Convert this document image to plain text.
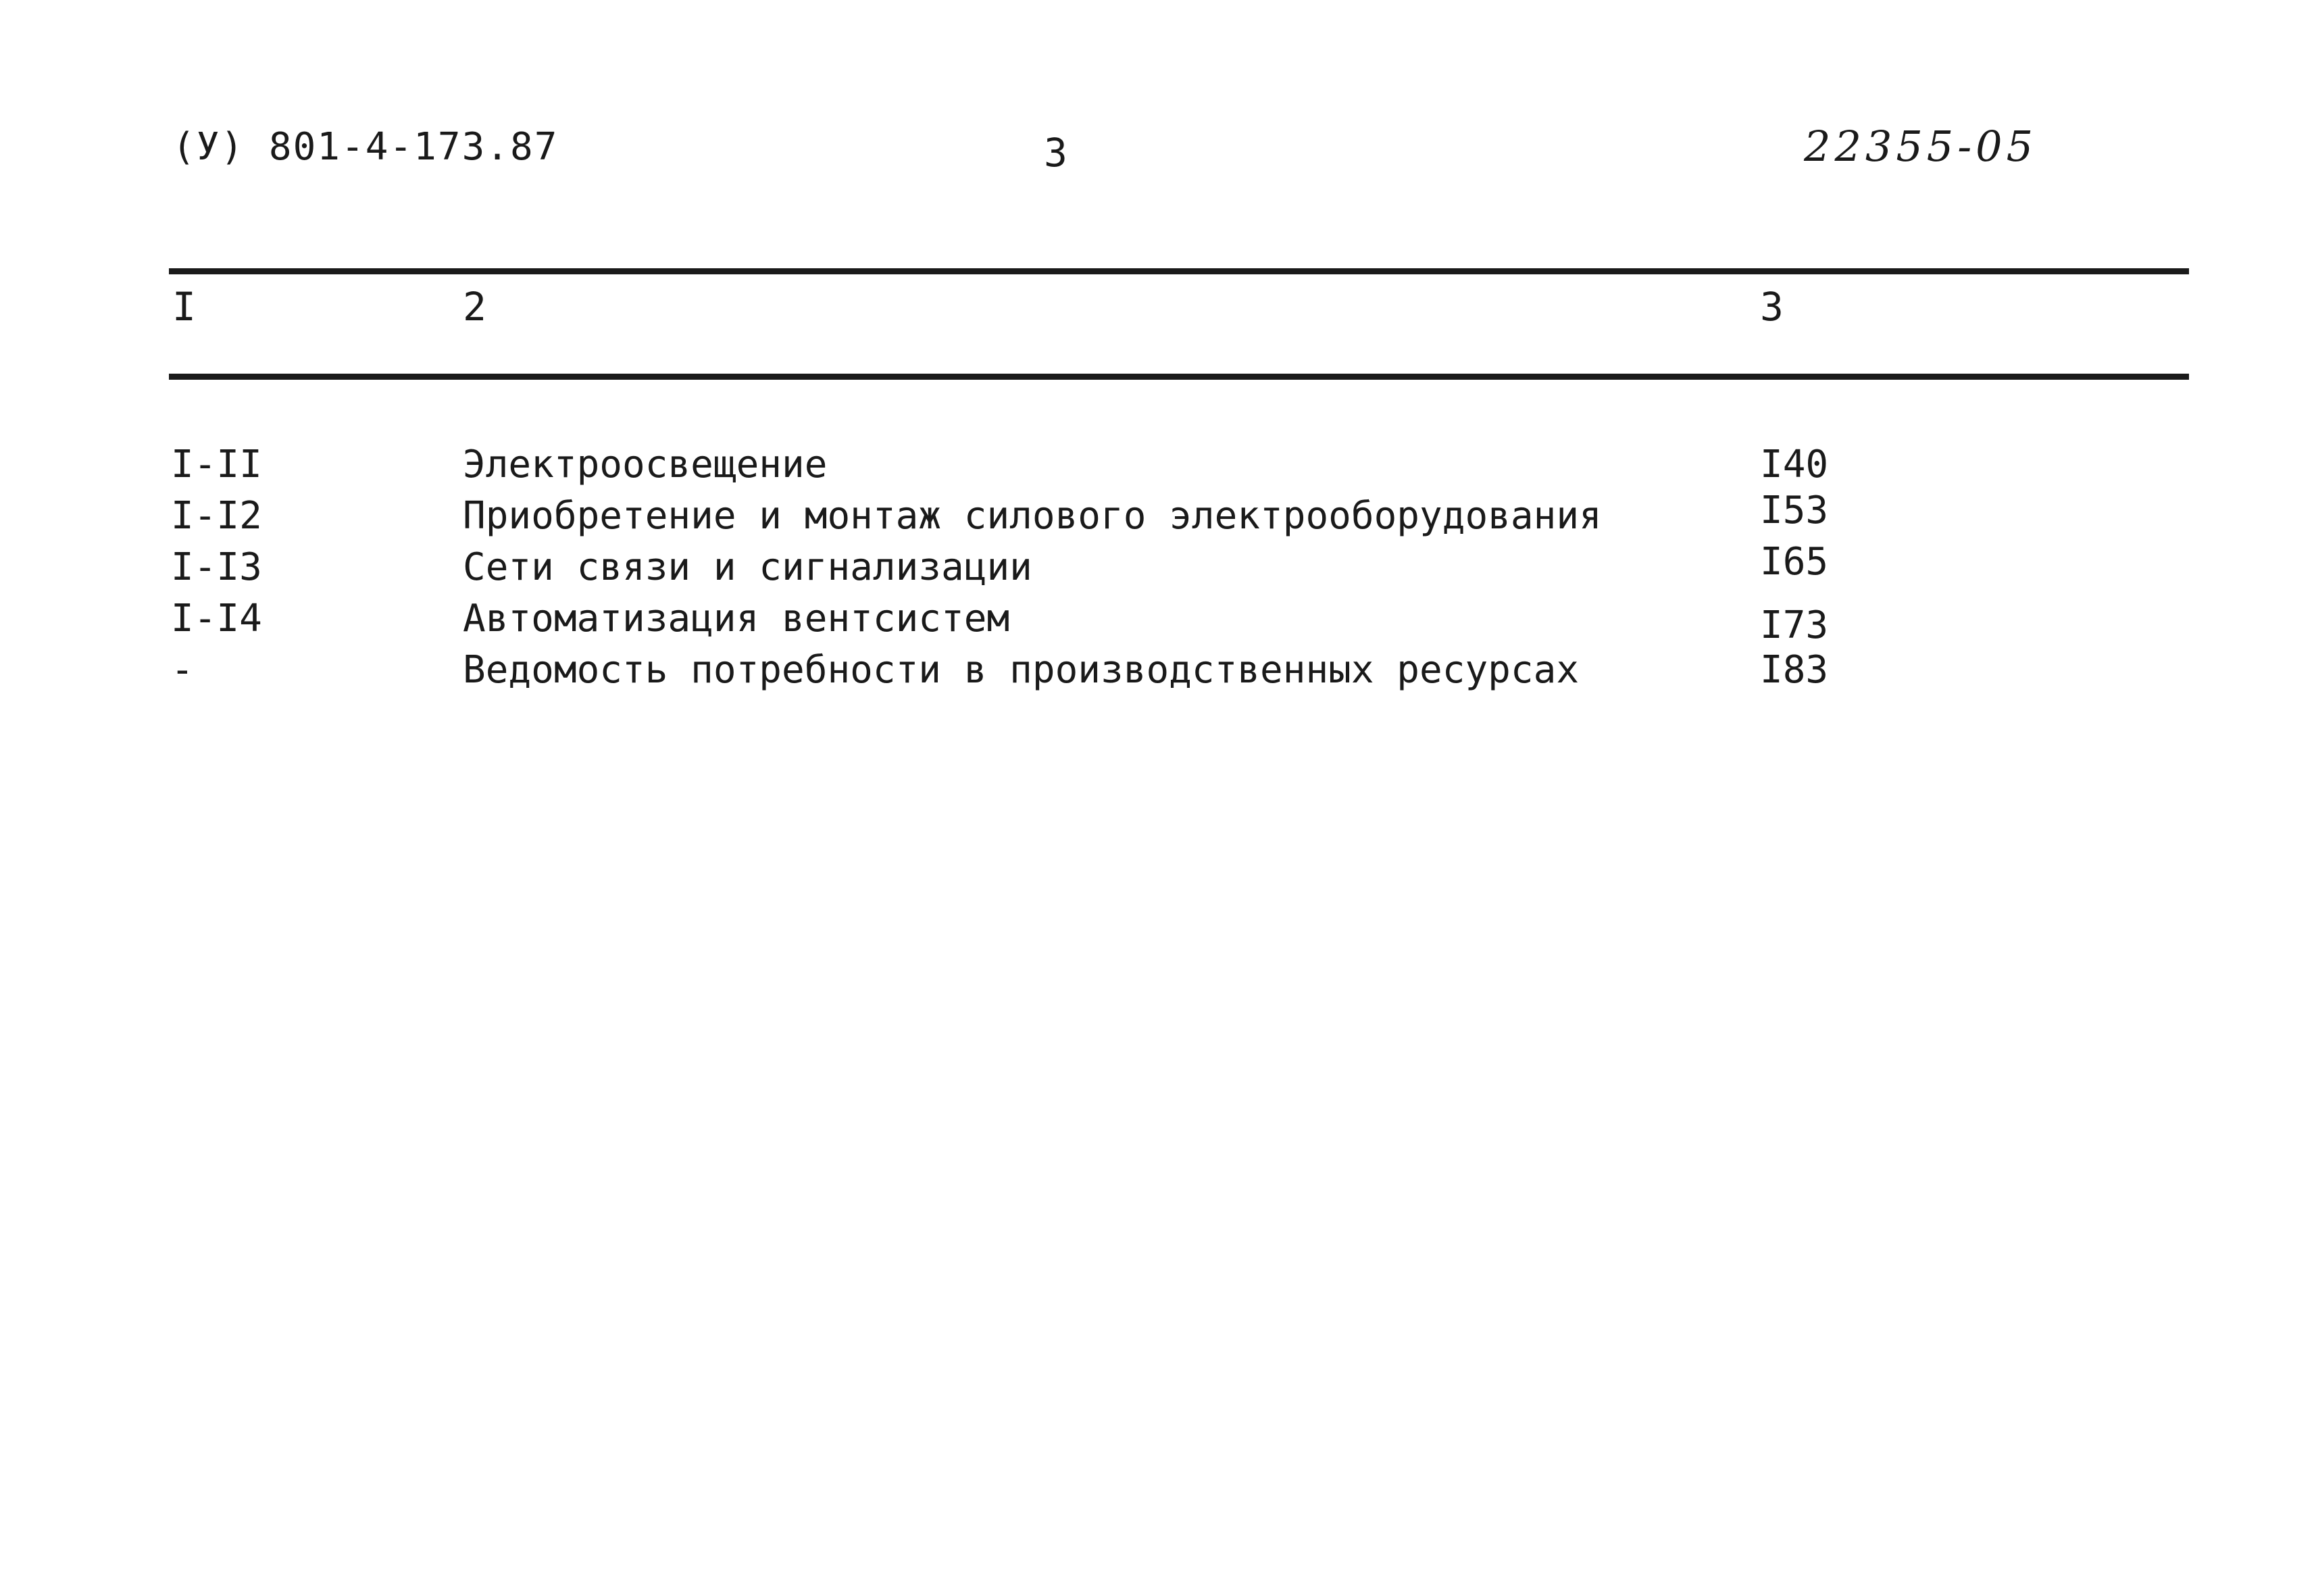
(У) 801-4-173.87	3	22355-05
I	2	3
I-II	Электроосвещение	I40
I-I2	Приобретение и монтаж силового электрооборудования	I53
I-I3	Сети связи и сигнализации	I65
I-I4	Автоматизация вентсистем	I73
-	Ведомость потребности в производственных ресурсах	I83
